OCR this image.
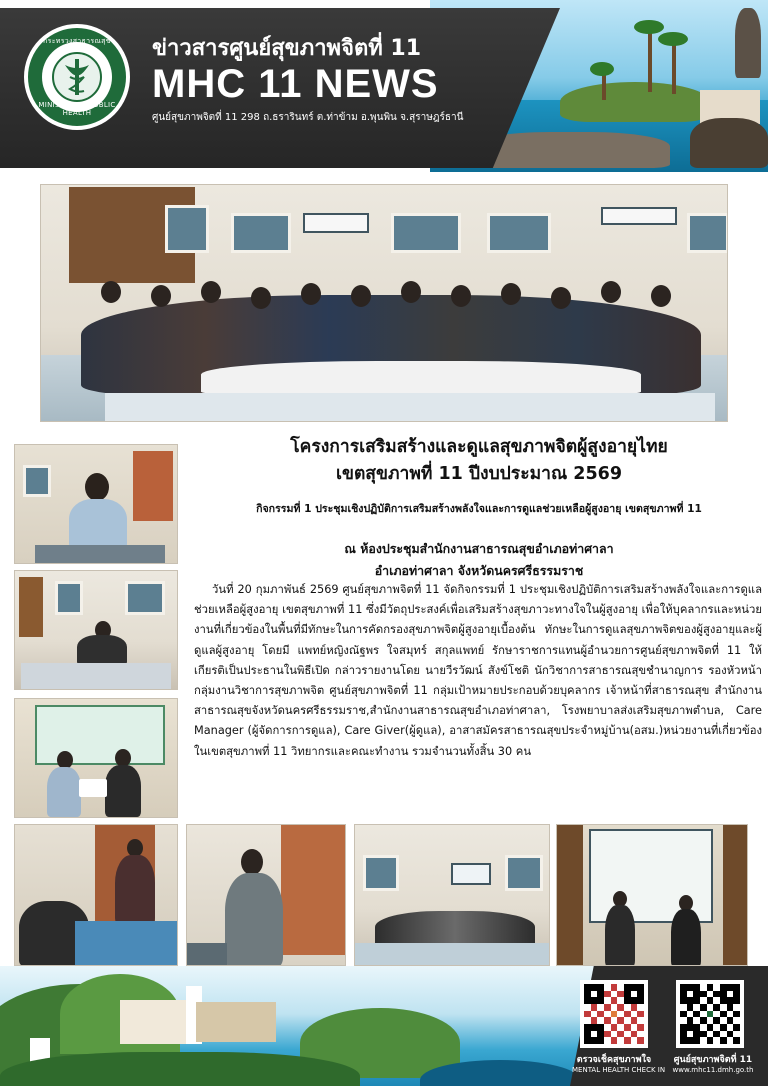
กระทรวงสาธารณสุข
MINISTRY OF PUBLIC HEALTH
ข่าวสารศูนย์สุขภาพจิตที่ 11
MHC 11 NEWS
ศูนย์สุขภาพจิตที่ 11 298 ถ.ธรารินทร์ ต.ท่าข้าม อ.พุนพิน จ.สุราษฎร์ธานี
โครงการเสริมสร้างและดูแลสุขภาพจิตผู้สูงอายุไทย
เขตสุขภาพที่ 11 ปีงบประมาณ 2569
กิจกรรมที่ 1 ประชุมเชิงปฏิบัติการเสริมสร้างพลังใจและการดูแลช่วยเหลือผู้สูงอายุ เขตสุขภาพที่ 11
ณ ห้องประชุมสำนักงานสาธารณสุขอำเภอท่าศาลา
อำเภอท่าศาลา จังหวัดนครศรีธรรมราช

วันที่ 20 กุมภาพันธ์ 2569 ศูนย์สุขภาพจิตที่ 11 จัดกิจกรรมที่ 1 ประชุมเชิงปฏิบัติการเสริมสร้างพลังใจและการดูแลช่วยเหลือผู้สูงอายุ เขตสุขภาพที่ 11 ซึ่งมีวัตถุประสงค์เพื่อเสริมสร้างสุขภาวะทางใจในผู้สูงอายุ เพื่อให้บุคลากรและหน่วยงานที่เกี่ยวข้องในพื้นที่มีทักษะในการคัดกรองสุขภาพจิตผู้สูงอายุเบื้องต้น ทักษะในการดูแลสุขภาพจิตของผู้สูงอายุและผู้ดูแลผู้สูงอายุ โดยมี แพทย์หญิงณัฐพร ใจสมุทร์ สกุลแพทย์ รักษาราชการแทนผู้อำนวยการศูนย์สุขภาพจิตที่ 11 ให้เกียรติเป็นประธานในพิธีเปิด กล่าวรายงานโดย นายวีรวัฒน์ สังข์โชติ นักวิชาการสาธารณสุขชำนาญการ รองหัวหน้ากลุ่มงานวิชาการสุขภาพจิต ศูนย์สุขภาพจิตที่ 11 กลุ่มเป้าหมายประกอบด้วยบุคลากร เจ้าหน้าที่สาธารณสุข สำนักงานสาธารณสุขจังหวัดนครศรีธรรมราช,สำนักงานสาธารณสุขอำเภอท่าศาลา, โรงพยาบาลส่งเสริมสุขภาพตำบล, Care Manager (ผู้จัดการการดูแล), Care Giver(ผู้ดูแล), อาสาสมัครสาธารณสุขประจำหมู่บ้าน(อสม.)หน่วยงานที่เกี่ยวข้องในเขตสุขภาพที่ 11 วิทยากรและคณะทำงาน รวมจำนวนทั้งสิ้น 30 คน

ตรวจเช็คสุขภาพใจ
MENTAL HEALTH CHECK IN
ศูนย์สุขภาพจิตที่ 11
www.mhc11.dmh.go.th
